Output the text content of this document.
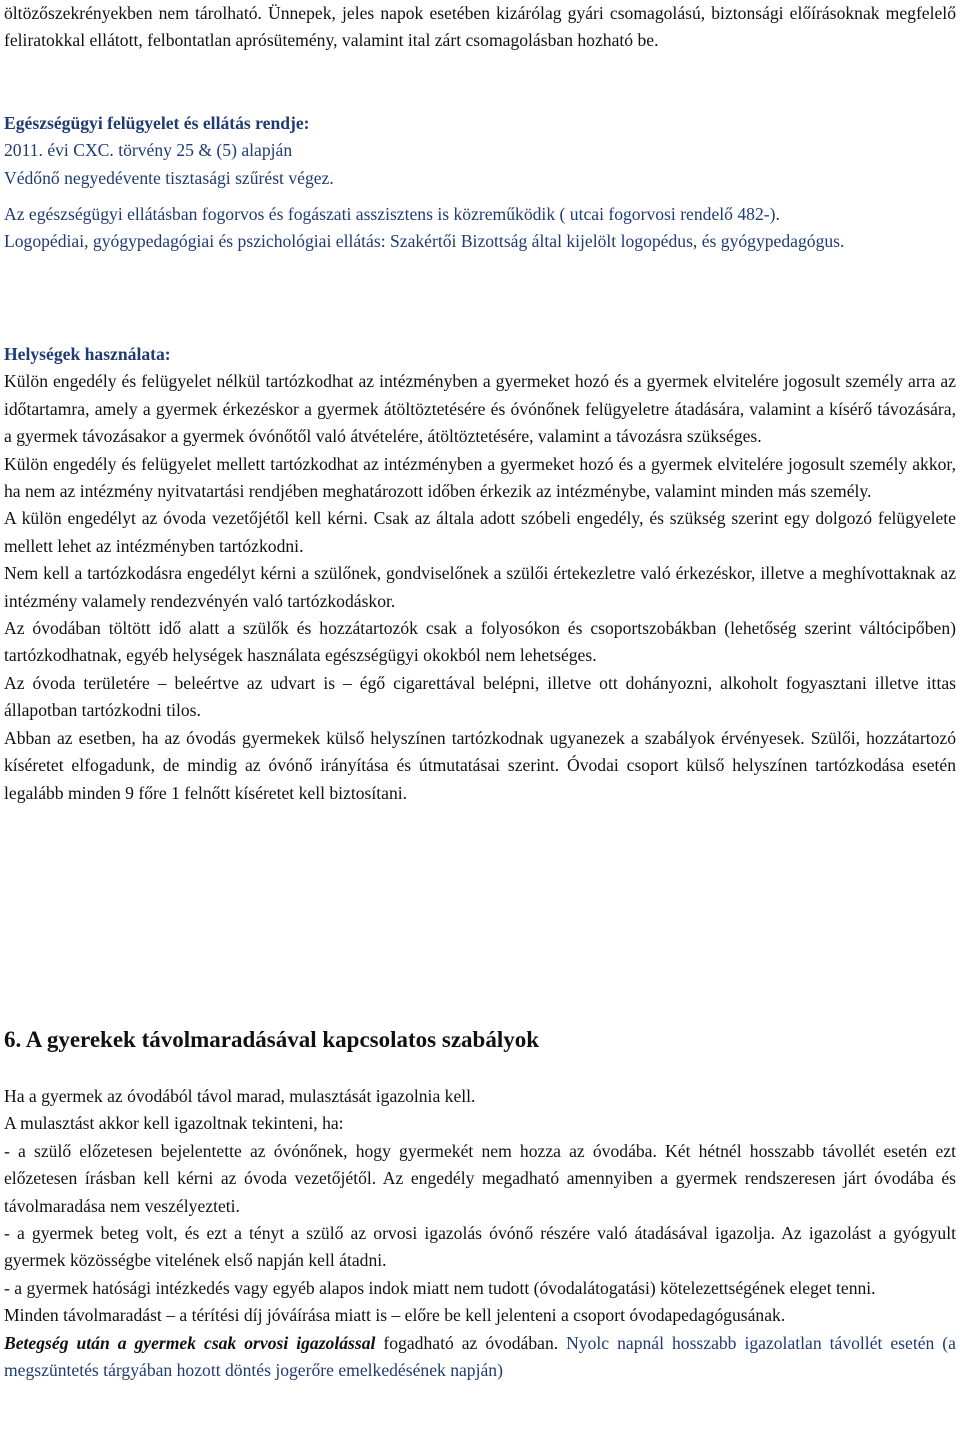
öltözőszekrényekben nem tárolható. Ünnepek, jeles napok esetében kizárólag gyári csomagolású, biztonsági előírásoknak megfelelő feliratokkal ellátott, felbontatlan aprósütemény, valamint ital zárt csomagolásban hozható be.

Egészségügyi felügyelet és ellátás rendje:

2011. évi CXC. törvény 25 & (5) alapján

Védőnő negyedévente tisztasági szűrést végez.

Az egészségügyi ellátásban fogorvos és fogászati asszisztens is közreműködik ( utcai fogorvosi rendelő 482-).

Logopédiai, gyógypedagógiai és pszichológiai ellátás: Szakértői Bizottság által kijelölt logopédus, és gyógypedagógus.

Helységek használata:

Külön engedély és felügyelet nélkül tartózkodhat az intézményben a gyermeket hozó és a gyermek elvitelére jogosult személy arra az időtartamra, amely a gyermek érkezéskor a gyermek átöltöztetésére és óvónőnek felügyeletre átadására, valamint a kísérő távozására, a gyermek távozásakor a gyermek óvónőtől való átvételére, átöltöztetésére, valamint a távozásra szükséges.

Külön engedély és felügyelet mellett tartózkodhat az intézményben a gyermeket hozó és a gyermek elvitelére jogosult személy akkor, ha nem az intézmény nyitvatartási rendjében meghatározott időben érkezik az intézménybe, valamint minden más személy.

A külön engedélyt az óvoda vezetőjétől kell kérni. Csak az általa adott szóbeli engedély, és szükség szerint egy dolgozó felügyelete mellett lehet az intézményben tartózkodni.

Nem kell a tartózkodásra engedélyt kérni a szülőnek, gondviselőnek a szülői értekezletre való érkezéskor, illetve a meghívottaknak az intézmény valamely rendezvényén való tartózkodáskor.

Az óvodában töltött idő alatt a szülők és hozzátartozók csak a folyosókon és csoportszobákban (lehetőség szerint váltócipőben) tartózkodhatnak, egyéb helységek használata egészségügyi okokból nem lehetséges.

Az óvoda területére – beleértve az udvart is – égő cigarettával belépni, illetve ott dohányozni, alkoholt fogyasztani illetve ittas állapotban tartózkodni tilos.

Abban az esetben, ha az óvodás gyermekek külső helyszínen tartózkodnak ugyanezek a szabályok érvényesek. Szülői, hozzátartozó kíséretet elfogadunk, de mindig az óvónő irányítása és útmutatásai szerint. Óvodai csoport külső helyszínen tartózkodása esetén legalább minden 9 főre 1 felnőtt kíséretet kell biztosítani.

6. A gyerekek távolmaradásával kapcsolatos szabályok

Ha a gyermek az óvodából távol marad, mulasztását igazolnia kell.

A mulasztást akkor kell igazoltnak tekinteni, ha:

- a szülő előzetesen bejelentette az óvónőnek, hogy gyermekét nem hozza az óvodába. Két hétnél hosszabb távollét esetén ezt előzetesen írásban kell kérni az óvoda vezetőjétől. Az engedély megadható amennyiben a gyermek rendszeresen járt óvodába és távolmaradása nem veszélyezteti.

- a gyermek beteg volt, és ezt a tényt a szülő az orvosi igazolás óvónő részére való átadásával igazolja. Az igazolást a gyógyult gyermek közösségbe vitelének első napján kell átadni.

- a gyermek hatósági intézkedés vagy egyéb alapos indok miatt nem tudott (óvodalátogatási) kötelezettségének eleget tenni.

Minden távolmaradást – a térítési díj jóváírása miatt is – előre be kell jelenteni a csoport óvodapedagógusának.

Betegség után a gyermek csak orvosi igazolással fogadható az óvodában. Nyolc napnál hosszabb igazolatlan távollét esetén (a megszüntetés tárgyában hozott döntés jogerőre emelkedésének napján)
